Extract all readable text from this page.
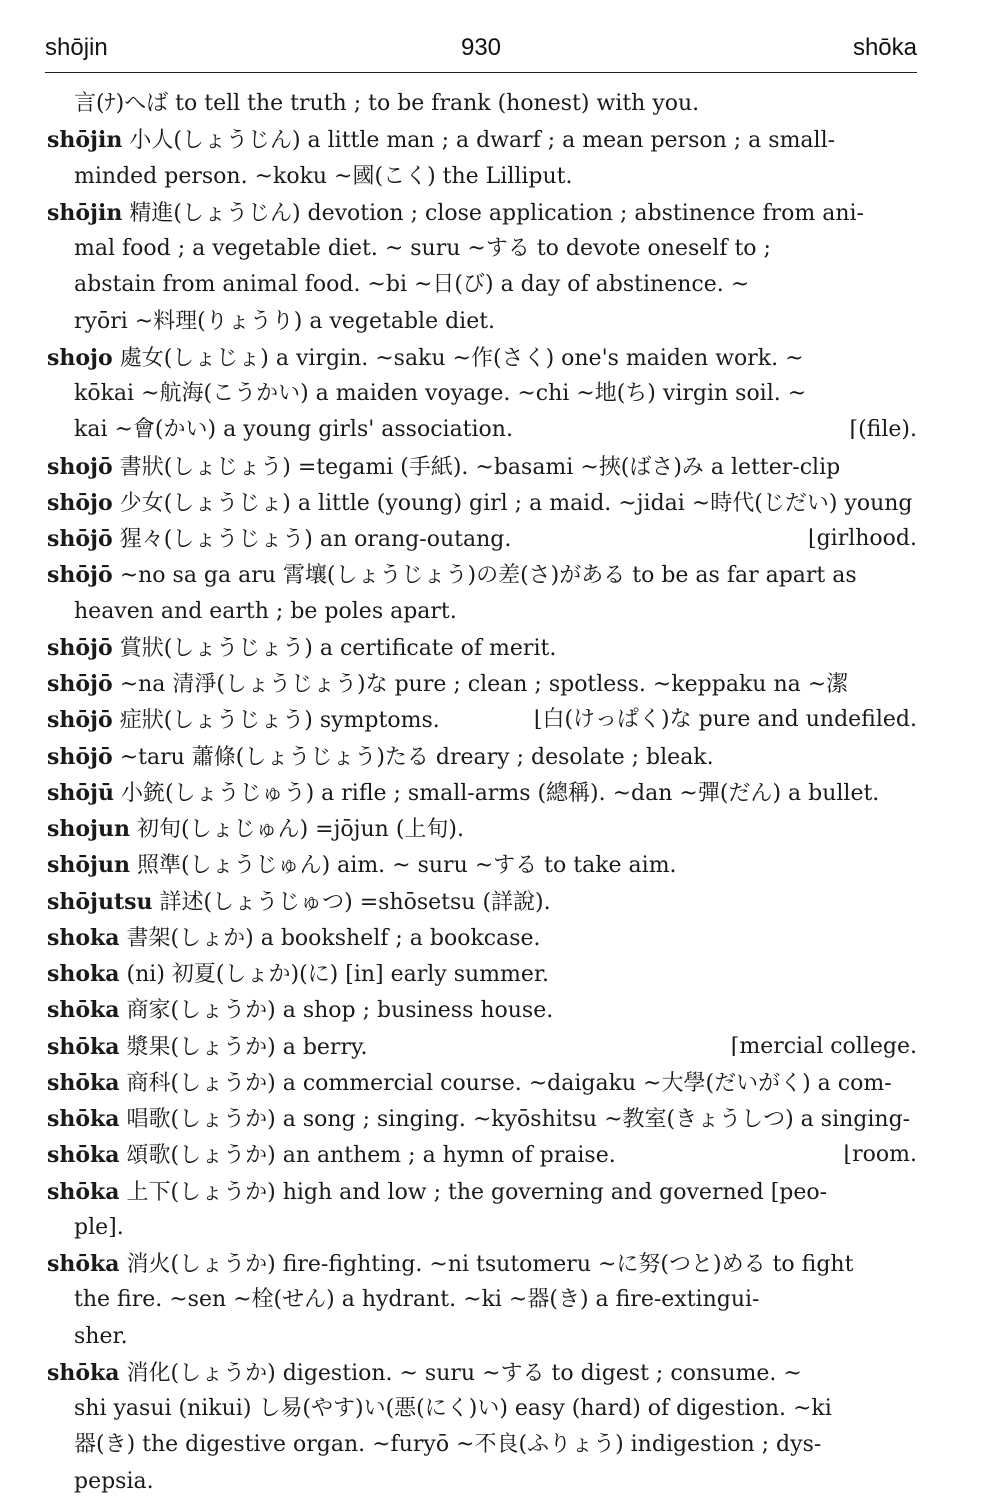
shōjin	930	shōka
言(ﾅ)へば to tell the truth ; to be frank (honest) with you.
shōjin 小人(しょうじん) a little man ; a dwarf ; a mean person ; a small-
minded person. ~koku ~國(こく) the Lilliput.
shōjin 精進(しょうじん) devotion ; close application ; abstinence from ani-
mal food ; a vegetable diet. ~ suru ~する to devote oneself to ;
abstain from animal food. ~bi ~日(び) a day of abstinence. ~
ryōri ~料理(りょうり) a vegetable diet.
shojo 處女(しょじょ) a virgin. ~saku ~作(さく) one's maiden work. ~
kōkai ~航海(こうかい) a maiden voyage. ~chi ~地(ち) virgin soil. ~
kai ~會(かい) a young girls' association.	⌈(file).
shojō 書狀(しょじょう) =tegami (手紙). ~basami ~挾(ばさ)み a letter-clip
shōjo 少女(しょうじょ) a little (young) girl ; a maid. ~jidai ~時代(じだい) young
shōjō 猩々(しょうじょう) an orang-outang.	⌊girlhood.
shōjō ~no sa ga aru 霄壤(しょうじょう)の差(さ)がある to be as far apart as
heaven and earth ; be poles apart.
shōjō 賞狀(しょうじょう) a certificate of merit.
shōjō ~na 清淨(しょうじょう)な pure ; clean ; spotless. ~keppaku na ~潔
shōjō 症狀(しょうじょう) symptoms.	⌊白(けっぱく)な pure and undefiled.
shōjō ~taru 蕭條(しょうじょう)たる dreary ; desolate ; bleak.
shōjū 小銃(しょうじゅう) a rifle ; small-arms (總稱). ~dan ~彈(だん) a bullet.
shojun 初旬(しょじゅん) =jōjun (上旬).
shōjun 照準(しょうじゅん) aim. ~ suru ~する to take aim.
shōjutsu 詳述(しょうじゅつ) =shōsetsu (詳說).
shoka 書架(しょか) a bookshelf ; a bookcase.
shoka (ni) 初夏(しょか)(に) [in] early summer.
shōka 商家(しょうか) a shop ; business house.
shōka 漿果(しょうか) a berry.	⌈mercial college.
shōka 商科(しょうか) a commercial course. ~daigaku ~大學(だいがく) a com-
shōka 唱歌(しょうか) a song ; singing. ~kyōshitsu ~教室(きょうしつ) a singing-
shōka 頌歌(しょうか) an anthem ; a hymn of praise.	⌊room.
shōka 上下(しょうか) high and low ; the governing and governed [peo-
ple].
shōka 消火(しょうか) fire-fighting. ~ni tsutomeru ~に努(つと)める to fight
the fire. ~sen ~栓(せん) a hydrant. ~ki ~器(き) a fire-extingui-
sher.
shōka 消化(しょうか) digestion. ~ suru ~する to digest ; consume. ~
shi yasui (nikui) し易(やす)い(悪(にく)い) easy (hard) of digestion. ~ki
器(き) the digestive organ. ~furyō ~不良(ふりょう) indigestion ; dys-
pepsia.
